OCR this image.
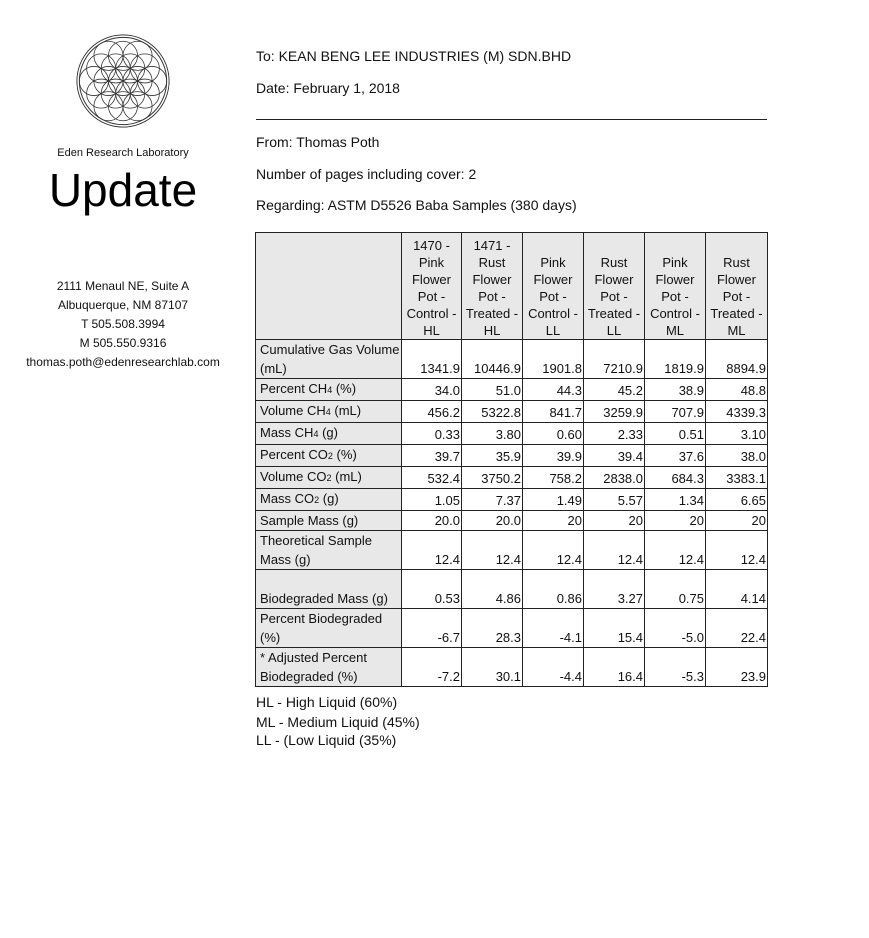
Eden Research Laboratory
Update
2111 Menaul NE, Suite A
Albuquerque, NM 87107
T 505.508.3994
M 505.550.9316
thomas.poth@edenresearchlab.com
To: KEAN BENG LEE INDUSTRIES (M) SDN.BHD
Date: February 1, 2018
From: Thomas Poth
Number of pages including cover: 2
Regarding: ASTM D5526 Baba Samples (380 days)
	1470 - Pink Flower Pot - Control - HL	1471 - Rust Flower Pot - Treated - HL	Pink Flower Pot - Control - LL	Rust Flower Pot - Treated - LL	Pink Flower Pot - Control - ML	Rust Flower Pot - Treated - ML
Cumulative Gas Volume (mL)	1341.9	10446.9	1901.8	7210.9	1819.9	8894.9
Percent CH4 (%)	34.0	51.0	44.3	45.2	38.9	48.8
Volume CH4 (mL)	456.2	5322.8	841.7	3259.9	707.9	4339.3
Mass CH4 (g)	0.33	3.80	0.60	2.33	0.51	3.10
Percent CO2 (%)	39.7	35.9	39.9	39.4	37.6	38.0
Volume CO2 (mL)	532.4	3750.2	758.2	2838.0	684.3	3383.1
Mass CO2 (g)	1.05	7.37	1.49	5.57	1.34	6.65
Sample Mass (g)	20.0	20.0	20	20	20	20
Theoretical Sample Mass (g)	12.4	12.4	12.4	12.4	12.4	12.4
Biodegraded Mass (g)	0.53	4.86	0.86	3.27	0.75	4.14
Percent Biodegraded (%)	-6.7	28.3	-4.1	15.4	-5.0	22.4
* Adjusted Percent Biodegraded (%)	-7.2	30.1	-4.4	16.4	-5.3	23.9
HL - High Liquid (60%)
ML - Medium Liquid (45%)
LL - (Low Liquid (35%)
